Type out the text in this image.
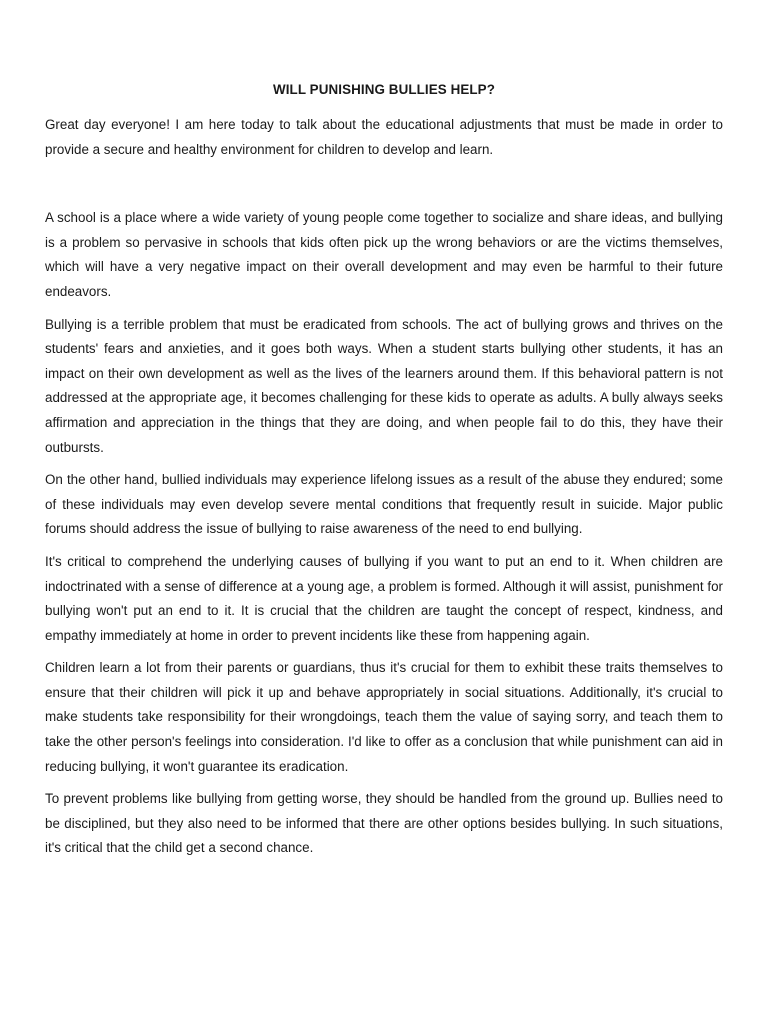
WILL PUNISHING BULLIES HELP?

Great day everyone! I am here today to talk about the educational adjustments that must be made in order to provide a secure and healthy environment for children to develop and learn.

A school is a place where a wide variety of young people come together to socialize and share ideas, and bullying is a problem so pervasive in schools that kids often pick up the wrong behaviors or are the victims themselves, which will have a very negative impact on their overall development and may even be harmful to their future endeavors.

Bullying is a terrible problem that must be eradicated from schools. The act of bullying grows and thrives on the students' fears and anxieties, and it goes both ways. When a student starts bullying other students, it has an impact on their own development as well as the lives of the learners around them. If this behavioral pattern is not addressed at the appropriate age, it becomes challenging for these kids to operate as adults. A bully always seeks affirmation and appreciation in the things that they are doing, and when people fail to do this, they have their outbursts.

On the other hand, bullied individuals may experience lifelong issues as a result of the abuse they endured; some of these individuals may even develop severe mental conditions that frequently result in suicide. Major public forums should address the issue of bullying to raise awareness of the need to end bullying.

It's critical to comprehend the underlying causes of bullying if you want to put an end to it. When children are indoctrinated with a sense of difference at a young age, a problem is formed. Although it will assist, punishment for bullying won't put an end to it. It is crucial that the children are taught the concept of respect, kindness, and empathy immediately at home in order to prevent incidents like these from happening again.

Children learn a lot from their parents or guardians, thus it's crucial for them to exhibit these traits themselves to ensure that their children will pick it up and behave appropriately in social situations. Additionally, it's crucial to make students take responsibility for their wrongdoings, teach them the value of saying sorry, and teach them to take the other person's feelings into consideration. I'd like to offer as a conclusion that while punishment can aid in reducing bullying, it won't guarantee its eradication.

To prevent problems like bullying from getting worse, they should be handled from the ground up. Bullies need to be disciplined, but they also need to be informed that there are other options besides bullying. In such situations, it's critical that the child get a second chance.
